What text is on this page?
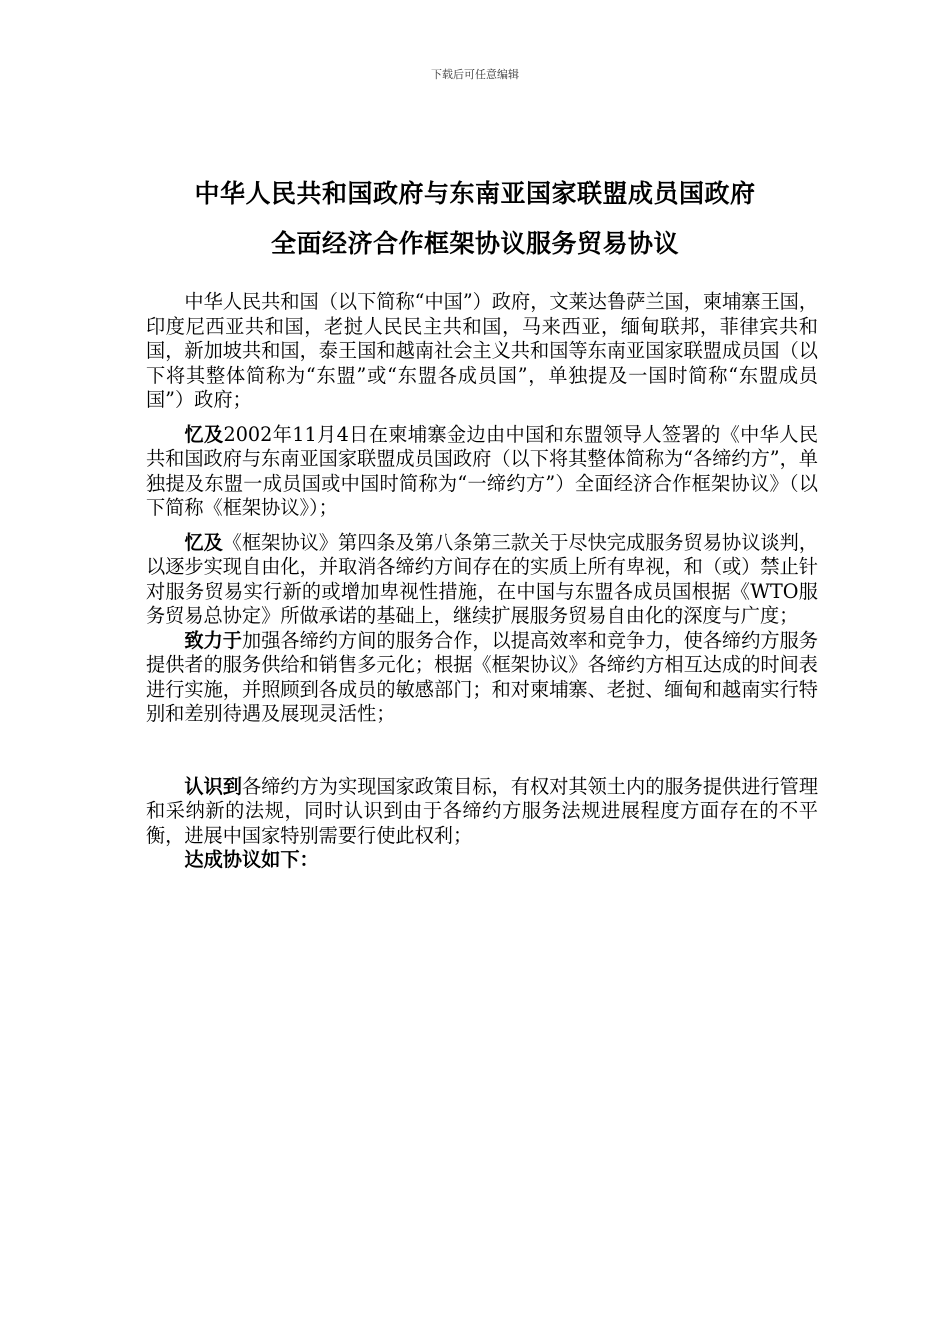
下载后可任意编辑
中华人民共和国政府与东南亚国家联盟成员国政府
全面经济合作框架协议服务贸易协议

中华人民共和国（以下简称“中国”）政府，文莱达鲁萨兰国，柬埔寨王国，印度尼西亚共和国，老挝人民民主共和国，马来西亚，缅甸联邦，菲律宾共和国，新加坡共和国，泰王国和越南社会主义共和国等东南亚国家联盟成员国（以下将其整体简称为“东盟”或“东盟各成员国”，单独提及一国时简称“东盟成员国”）政府；

忆及2002年11月4日在柬埔寨金边由中国和东盟领导人签署的《中华人民共和国政府与东南亚国家联盟成员国政府（以下将其整体简称为“各缔约方”，单独提及东盟一成员国或中国时简称为“一缔约方”）全面经济合作框架协议》（以下简称《框架协议》）；

忆及《框架协议》第四条及第八条第三款关于尽快完成服务贸易协议谈判，以逐步实现自由化，并取消各缔约方间存在的实质上所有卑视，和（或）禁止针对服务贸易实行新的或增加卑视性措施，在中国与东盟各成员国根据《WTO服务贸易总协定》所做承诺的基础上，继续扩展服务贸易自由化的深度与广度；

致力于加强各缔约方间的服务合作，以提高效率和竞争力，使各缔约方服务提供者的服务供给和销售多元化；根据《框架协议》各缔约方相互达成的时间表进行实施，并照顾到各成员的敏感部门；和对柬埔寨、老挝、缅甸和越南实行特别和差别待遇及展现灵活性；

认识到各缔约方为实现国家政策目标，有权对其领土内的服务提供进行管理和采纳新的法规，同时认识到由于各缔约方服务法规进展程度方面存在的不平衡，进展中国家特别需要行使此权利；

达成协议如下：
